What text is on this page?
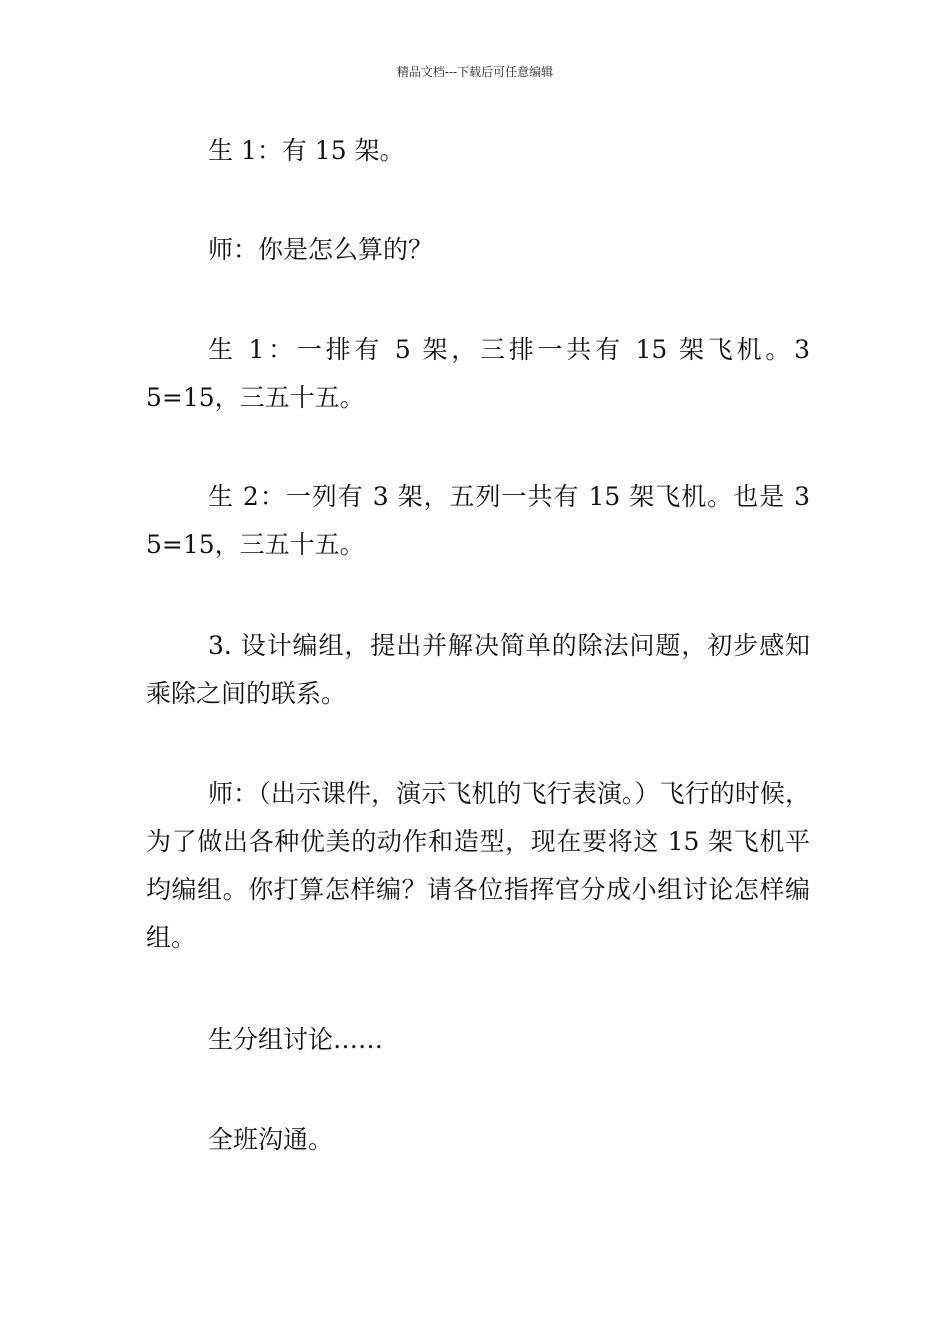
精品文档---下载后可任意编辑

生 1：有 15 架。

师：你是怎么算的？

生 1：一排有 5 架，三排一共有 15 架飞机。3　5=15，三五十五。

生 2：一列有 3 架，五列一共有 15 架飞机。也是 3　5=15，三五十五。

3. 设计编组，提出并解决简单的除法问题，初步感知乘除之间的联系。

师：（出示课件，演示飞机的飞行表演。）飞行的时候，为了做出各种优美的动作和造型，现在要将这 15 架飞机平均编组。你打算怎样编？请各位指挥官分成小组讨论怎样编组。

生分组讨论……

全班沟通。
